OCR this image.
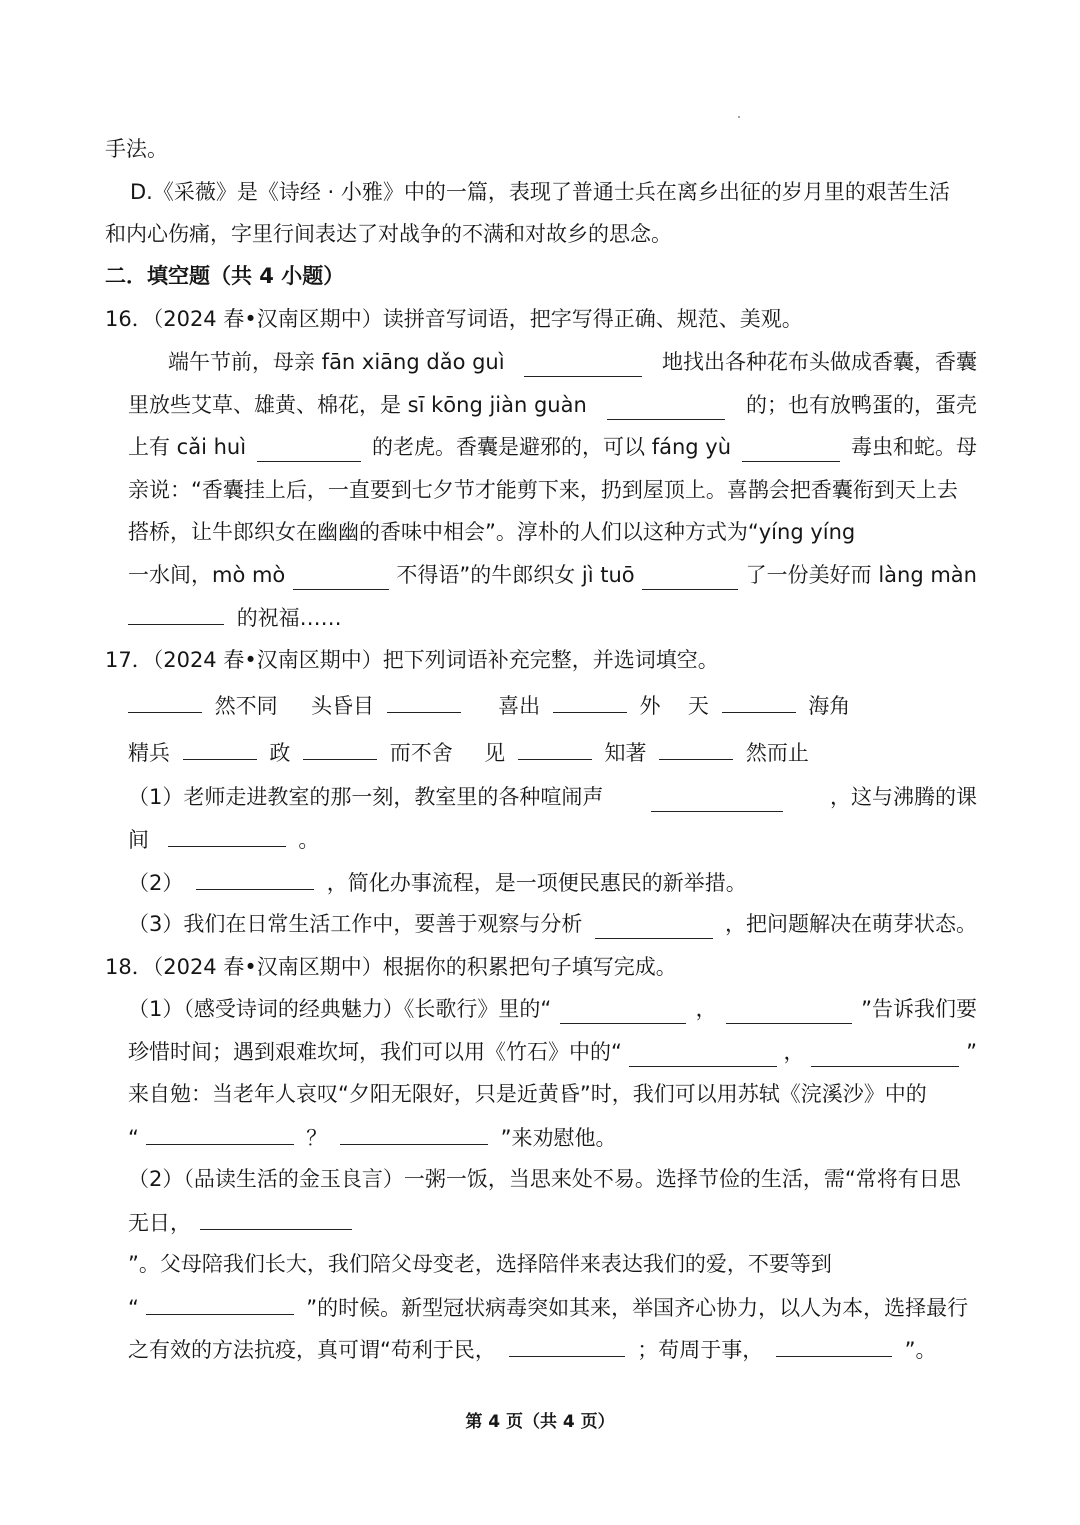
手法。
D.《采薇》是《诗经 · 小雅》中的一篇，表现了普通士兵在离乡出征的岁月里的艰苦生活
和内心伤痛，字里行间表达了对战争的不满和对故乡的思念。
二．填空题（共 4 小题）
16．（2024 春•汉南区期中）读拼音写词语，把字写得正确、规范、美观。
端午节前，母亲 fān xiāng dǎo guì	地找出各种花布头做成香囊，香囊
里放些艾草、雄黄、棉花，是 sī kōng jiàn guàn	的；也有放鸭蛋的，蛋壳
上有 cǎi huì	的老虎。香囊是避邪的，可以 fáng yù	毒虫和蛇。母
亲说：“香囊挂上后，一直要到七夕节才能剪下来，扔到屋顶上。喜鹊会把香囊衔到天上去
搭桥，让牛郎织女在幽幽的香味中相会”。淳朴的人们以这种方式为“yíng yíng
一水间，mò mò	不得语”的牛郎织女 jì tuō	了一份美好而 làng màn
的祝福……
17．（2024 春•汉南区期中）把下列词语补充完整，并选词填空。
然不同 头昏目	喜出	外 天	海角
精兵	政	而不舍 见	知著	然而止
（1）老师走进教室的那一刻，教室里的各种喧闹声	，这与沸腾的课
间	。
（2）	，简化办事流程，是一项便民惠民的新举措。
（3）我们在日常生活工作中，要善于观察与分析	，把问题解决在萌芽状态。
18．（2024 春•汉南区期中）根据你的积累把句子填写完成。
（1）（感受诗词的经典魅力）《长歌行》里的“	，	”告诉我们要
珍惜时间；遇到艰难坎坷，我们可以用《竹石》中的“	，	”
来自勉：当老年人哀叹“夕阳无限好，只是近黄昏”时，我们可以用苏轼《浣溪沙》中的
“	？	”来劝慰他。
（2）（品读生活的金玉良言）一粥一饭，当思来处不易。选择节俭的生活，需“常将有日思
无日，
”。父母陪我们长大，我们陪父母变老，选择陪伴来表达我们的爱，不要等到
“	”的时候。新型冠状病毒突如其来，举国齐心协力，以人为本，选择最行
之有效的方法抗疫，真可谓“苟利于民，	；苟周于事，	”。
第 4 页（共 4 页）
